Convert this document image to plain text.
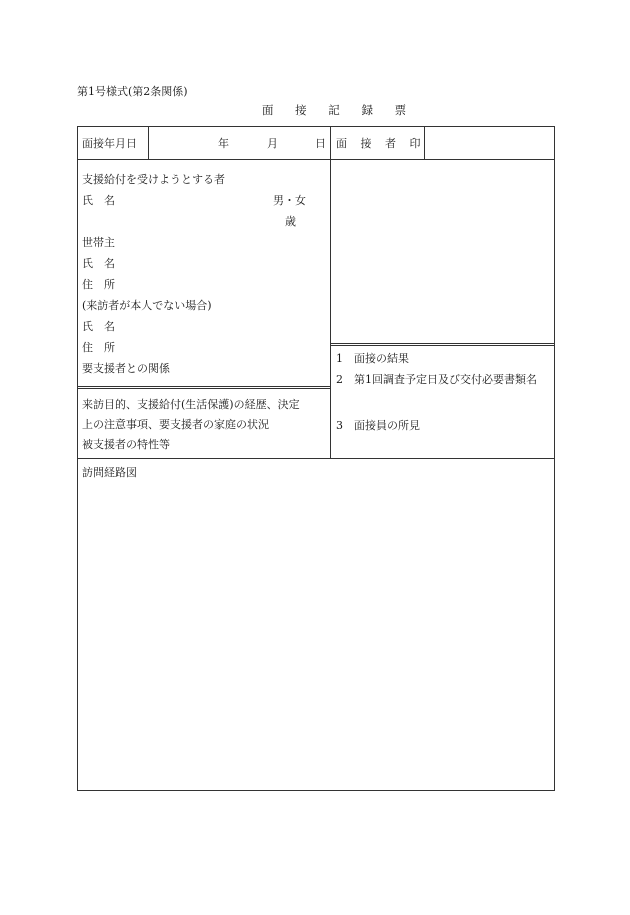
第1号様式(第2条関係)
面 接 記 録 票
面接年月日	年	月	日 面 接 者 印
支援給付を受けようとする者
氏　名	男・女
歳
世帯主
氏　名
住　所
(来訪者が本人でない場合)
氏　名
住　所
要支援者との関係
1　面接の結果
2　第1回調査予定日及び交付必要書類名
3　面接員の所見
来訪目的、支援給付(生活保護)の経歴、決定
上の注意事項、要支援者の家庭の状況
被支援者の特性等
訪問経路図
